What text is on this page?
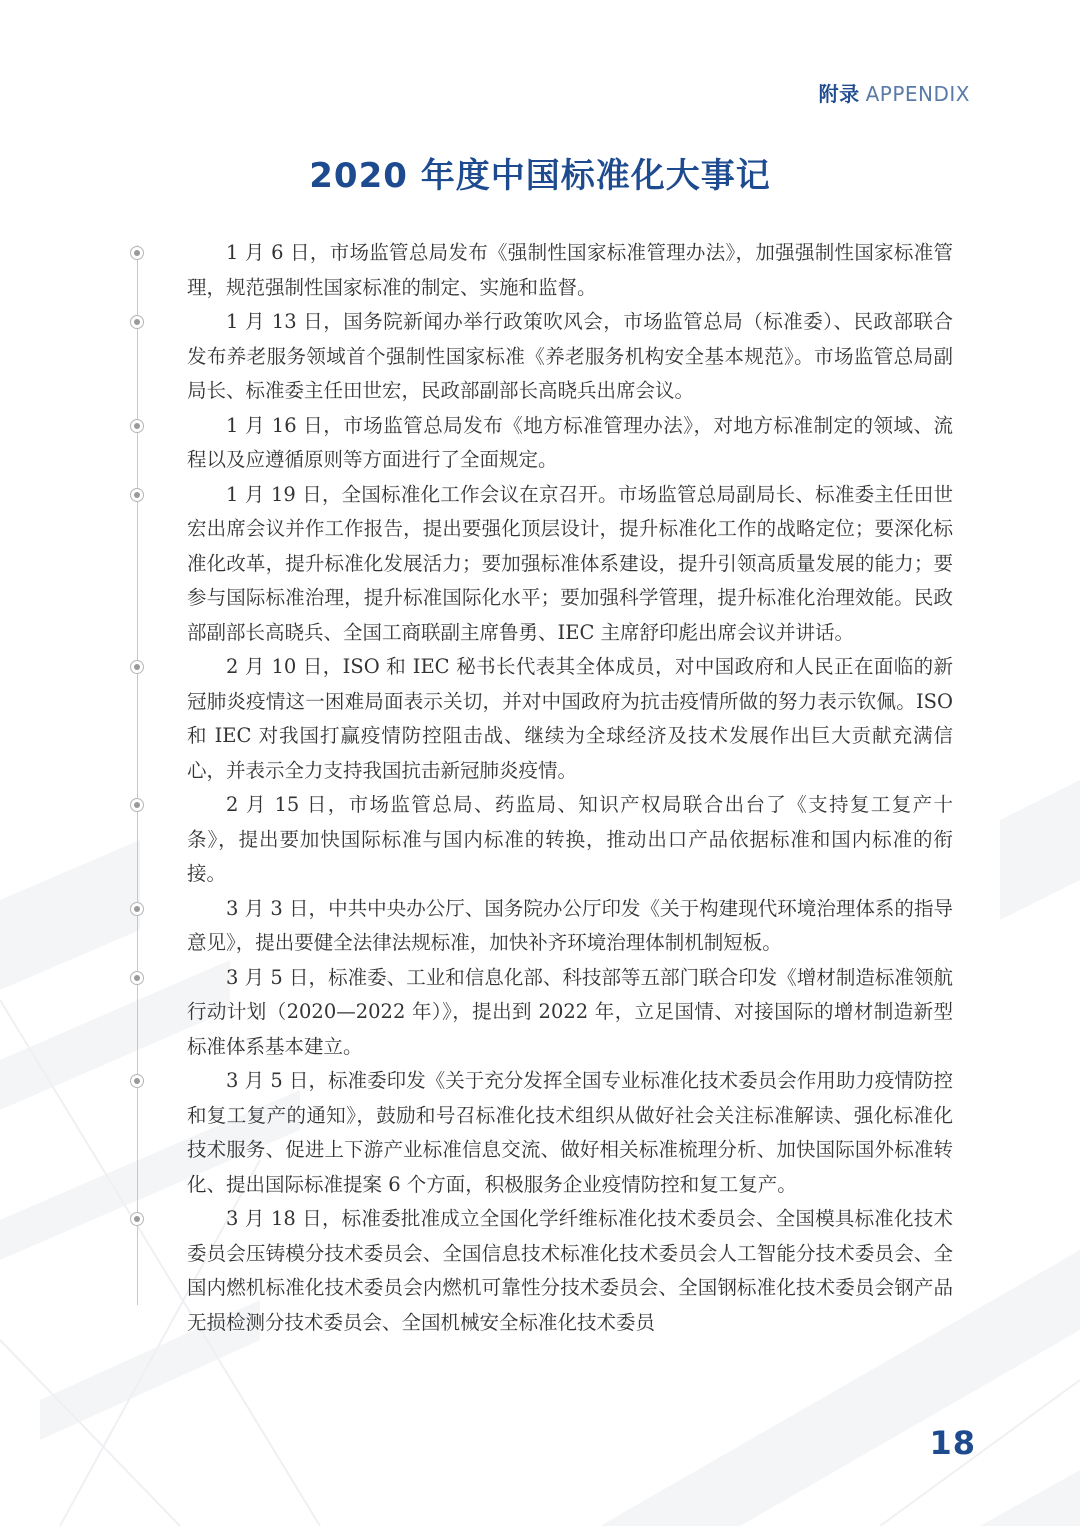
附录 APPENDIX
2020 年度中国标准化大事记

1 月 6 日，市场监管总局发布《强制性国家标准管理办法》，加强强制性国家标准管理，规范强制性国家标准的制定、实施和监督。

1 月 13 日，国务院新闻办举行政策吹风会，市场监管总局（标准委）、民政部联合发布养老服务领域首个强制性国家标准《养老服务机构安全基本规范》。市场监管总局副局长、标准委主任田世宏，民政部副部长高晓兵出席会议。

1 月 16 日，市场监管总局发布《地方标准管理办法》，对地方标准制定的领域、流程以及应遵循原则等方面进行了全面规定。

1 月 19 日，全国标准化工作会议在京召开。市场监管总局副局长、标准委主任田世宏出席会议并作工作报告，提出要强化顶层设计，提升标准化工作的战略定位；要深化标准化改革，提升标准化发展活力；要加强标准体系建设，提升引领高质量发展的能力；要参与国际标准治理，提升标准国际化水平；要加强科学管理，提升标准化治理效能。民政部副部长高晓兵、全国工商联副主席鲁勇、IEC 主席舒印彪出席会议并讲话。

2 月 10 日，ISO 和 IEC 秘书长代表其全体成员，对中国政府和人民正在面临的新冠肺炎疫情这一困难局面表示关切，并对中国政府为抗击疫情所做的努力表示钦佩。ISO 和 IEC 对我国打赢疫情防控阻击战、继续为全球经济及技术发展作出巨大贡献充满信心，并表示全力支持我国抗击新冠肺炎疫情。

2 月 15 日，市场监管总局、药监局、知识产权局联合出台了《支持复工复产十条》，提出要加快国际标准与国内标准的转换，推动出口产品依据标准和国内标准的衔接。

3 月 3 日，中共中央办公厅、国务院办公厅印发《关于构建现代环境治理体系的指导意见》，提出要健全法律法规标准，加快补齐环境治理体制机制短板。

3 月 5 日，标准委、工业和信息化部、科技部等五部门联合印发《增材制造标准领航行动计划（2020—2022 年）》，提出到 2022 年，立足国情、对接国际的增材制造新型标准体系基本建立。

3 月 5 日，标准委印发《关于充分发挥全国专业标准化技术委员会作用助力疫情防控和复工复产的通知》，鼓励和号召标准化技术组织从做好社会关注标准解读、强化标准化技术服务、促进上下游产业标准信息交流、做好相关标准梳理分析、加快国际国外标准转化、提出国际标准提案 6 个方面，积极服务企业疫情防控和复工复产。

3 月 18 日，标准委批准成立全国化学纤维标准化技术委员会、全国模具标准化技术委员会压铸模分技术委员会、全国信息技术标准化技术委员会人工智能分技术委员会、全国内燃机标准化技术委员会内燃机可靠性分技术委员会、全国钢标准化技术委员会钢产品无损检测分技术委员会、全国机械安全标准化技术委员

18
